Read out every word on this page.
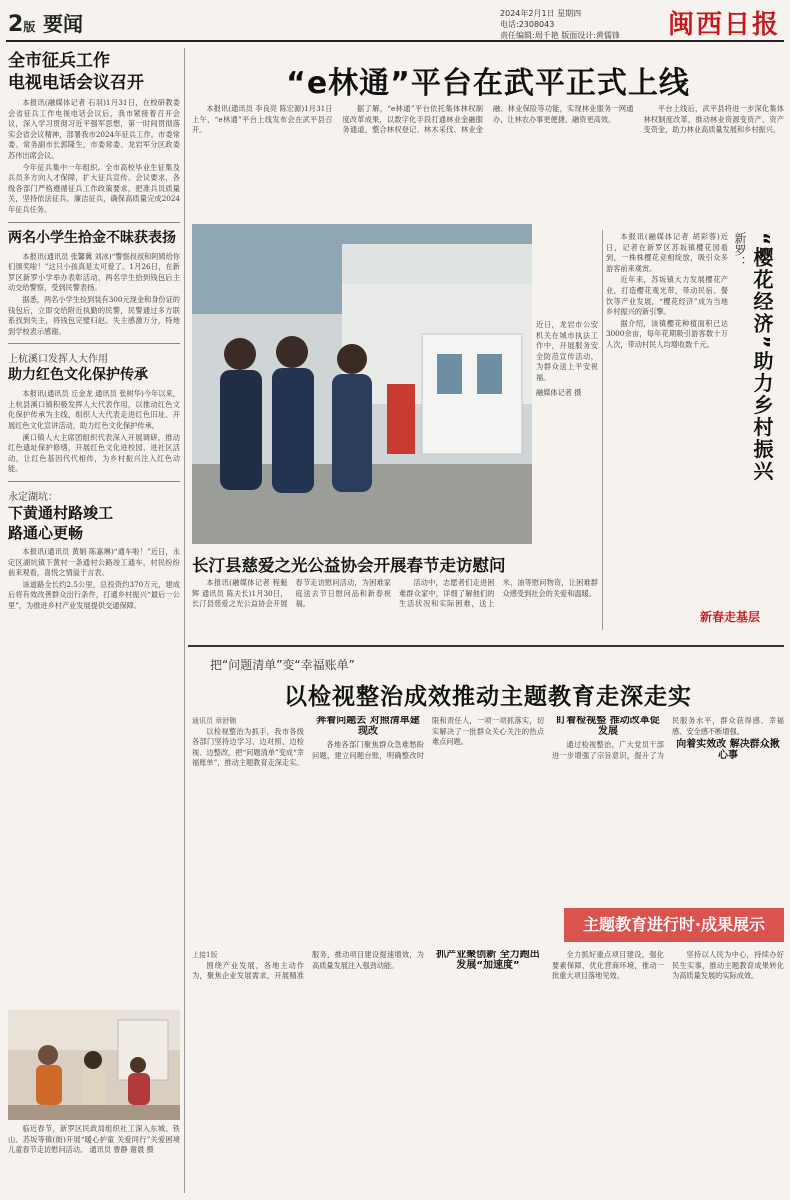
2版 要闻	2024年2月1日 星期四
电话:2308043
责任编辑:周千艳 版面设计:黄儒锋 闽西日报
全市征兵工作
电视电话会议召开

本报讯(融媒体记者 石羽)1月31日，在校研教委会省征兵工作电视电话会议后，我市紧接着召开会议，深入学习贯彻习近平强军思想，第一时间贯彻落实会省会议精神，部署我市2024年征兵工作。市委常委、常务副市长郭隆生，市委常委、龙岩军分区政委苏伟出席会议。

今年征兵集中一年组织，全市高校毕业生征集及兵员多方向人才保障，扩大征兵宣传。会议要求，各级各部门严格遵循征兵工作政策要求，把准兵员质量关，坚持依法征兵、廉洁征兵，确保高质量完成2024年征兵任务。

两名小学生拾金不昧获表扬

本报讯(通讯员 张馨冀 刘冰)“警察叔叔和阿姨给你们颁奖啦！”这只小孩真是太可爱了。1月26日，在新罗区新罗小学举办表彰活动，两名学生拾到钱包后主动交给警察，受到民警表扬。

据悉，两名小学生捡到装有300元现金和身份证的钱包后，立即交给附近执勤的民警，民警通过多方联系找到失主，将钱包完璧归赵。失主感激万分，特地到学校表示感谢。

上杭溪口发挥人大作用
助力红色文化保护传承

本报讯(通讯员 丘金龙 通讯员 张树华)今年以来，上杭县溪口镇积极发挥人大代表作用，以推动红色文化保护传承为主线，组织人大代表走进红色旧址、开展红色文化宣讲活动，助力红色文化保护传承。

溪口镇人大主席团组织代表深入开展调研，推动红色遗址保护修缮，开展红色文化进校园、进社区活动，让红色基因代代相传，为乡村振兴注入红色动能。

永定湖坑：
下黄通村路竣工
路通心更畅

本报讯(通讯员 黄娟 陈嘉琳)“通车啦！”近日，永定区湖坑镇下黄村一条通村公路竣工通车，村民纷纷前来观看，喜悦之情溢于言表。

该道路全长约2.5公里，总投资约370万元，建成后将有效改善群众出行条件，打通乡村振兴“最后一公里”，为推进乡村产业发展提供交通保障。

临近春节，新罗区民政局组织社工深入东城、铁山、苏坂等镇(街)开展“暖心护童 关爱同行”关爱困境儿童春节走访慰问活动。 通讯员 曹静 谢晨 摄
“e林通”平台在武平正式上线

本报讯(通讯员 李良亮 陈宏源)1月31日上午，“e林通”平台上线发布会在武平县召开。

据了解，“e林通”平台依托集体林权制度改革成果，以数字化手段打通林业金融服务通道，整合林权登记、林木采伐、林业金融、林业保险等功能，实现林业服务一网通办，让林农办事更便捷、融资更高效。

平台上线后，武平县将进一步深化集体林权制度改革，推动林业资源变资产、资产变资金，助力林业高质量发展和乡村振兴。

近日，龙岩市公安机关在城市执法工作中，开展服务安全防范宣传活动，为群众送上平安祝福。
融媒体记者 摄

本报讯(融媒体记者 胡彩蓉)近日，记者在新罗区苏坂镇樱花园看到，一株株樱花竞相绽放，吸引众多游客前来观赏。

近年来，苏坂镇大力发展樱花产业，打造樱花观光带，带动民宿、餐饮等产业发展，“樱花经济”成为当地乡村振兴的新引擎。

据介绍，该镇樱花种植面积已达3000余亩，每年花期吸引游客数十万人次，带动村民人均增收数千元。

新罗： “樱花经济”助力乡村振兴
新春走基层
长汀县慈爱之光公益协会开展春节走访慰问

本报讯(融媒体记者 程魁辉 通讯员 陈夫长)1月30日，长汀县慈爱之光公益协会开展春节走访慰问活动，为困难家庭送去节日慰问品和新春祝福。

活动中，志愿者们走进困难群众家中，详细了解他们的生活状况和实际困难，送上米、油等慰问物资，让困难群众感受到社会的关爱和温暖。

把“问题清单”变“幸福账单”
以检视整治成效推动主题教育走深走实
通讯员 章舒翱

以检视整治为抓手，我市各级各部门坚持边学习、边对照、边检视、边整改，把“问题清单”变成“幸福账单”，推动主题教育走深走实。

奔着问题去 对照清单建现改

各地各部门聚焦群众急难愁盼问题，建立问题台账，明确整改时限和责任人，一项一项抓落实，切实解决了一批群众关心关注的热点难点问题。

盯着检视整 推动改革促发展

通过检视整治，广大党员干部进一步增强了宗旨意识，提升了为民服务水平，群众获得感、幸福感、安全感不断增强。

向着实效改 解决群众揪心事
主题教育进行时·成果展示
上接1版

围绕产业发展，各地主动作为，聚焦企业发展需求，开展精准服务，推动项目建设提速增效，为高质量发展注入强劲动能。

抓产业聚创新 全力跑出发展“加速度”

全力抓好重点项目建设，强化要素保障，优化营商环境，推动一批重大项目落地见效。

坚持以人民为中心，持续办好民生实事，推动主题教育成果转化为高质量发展的实际成效。
